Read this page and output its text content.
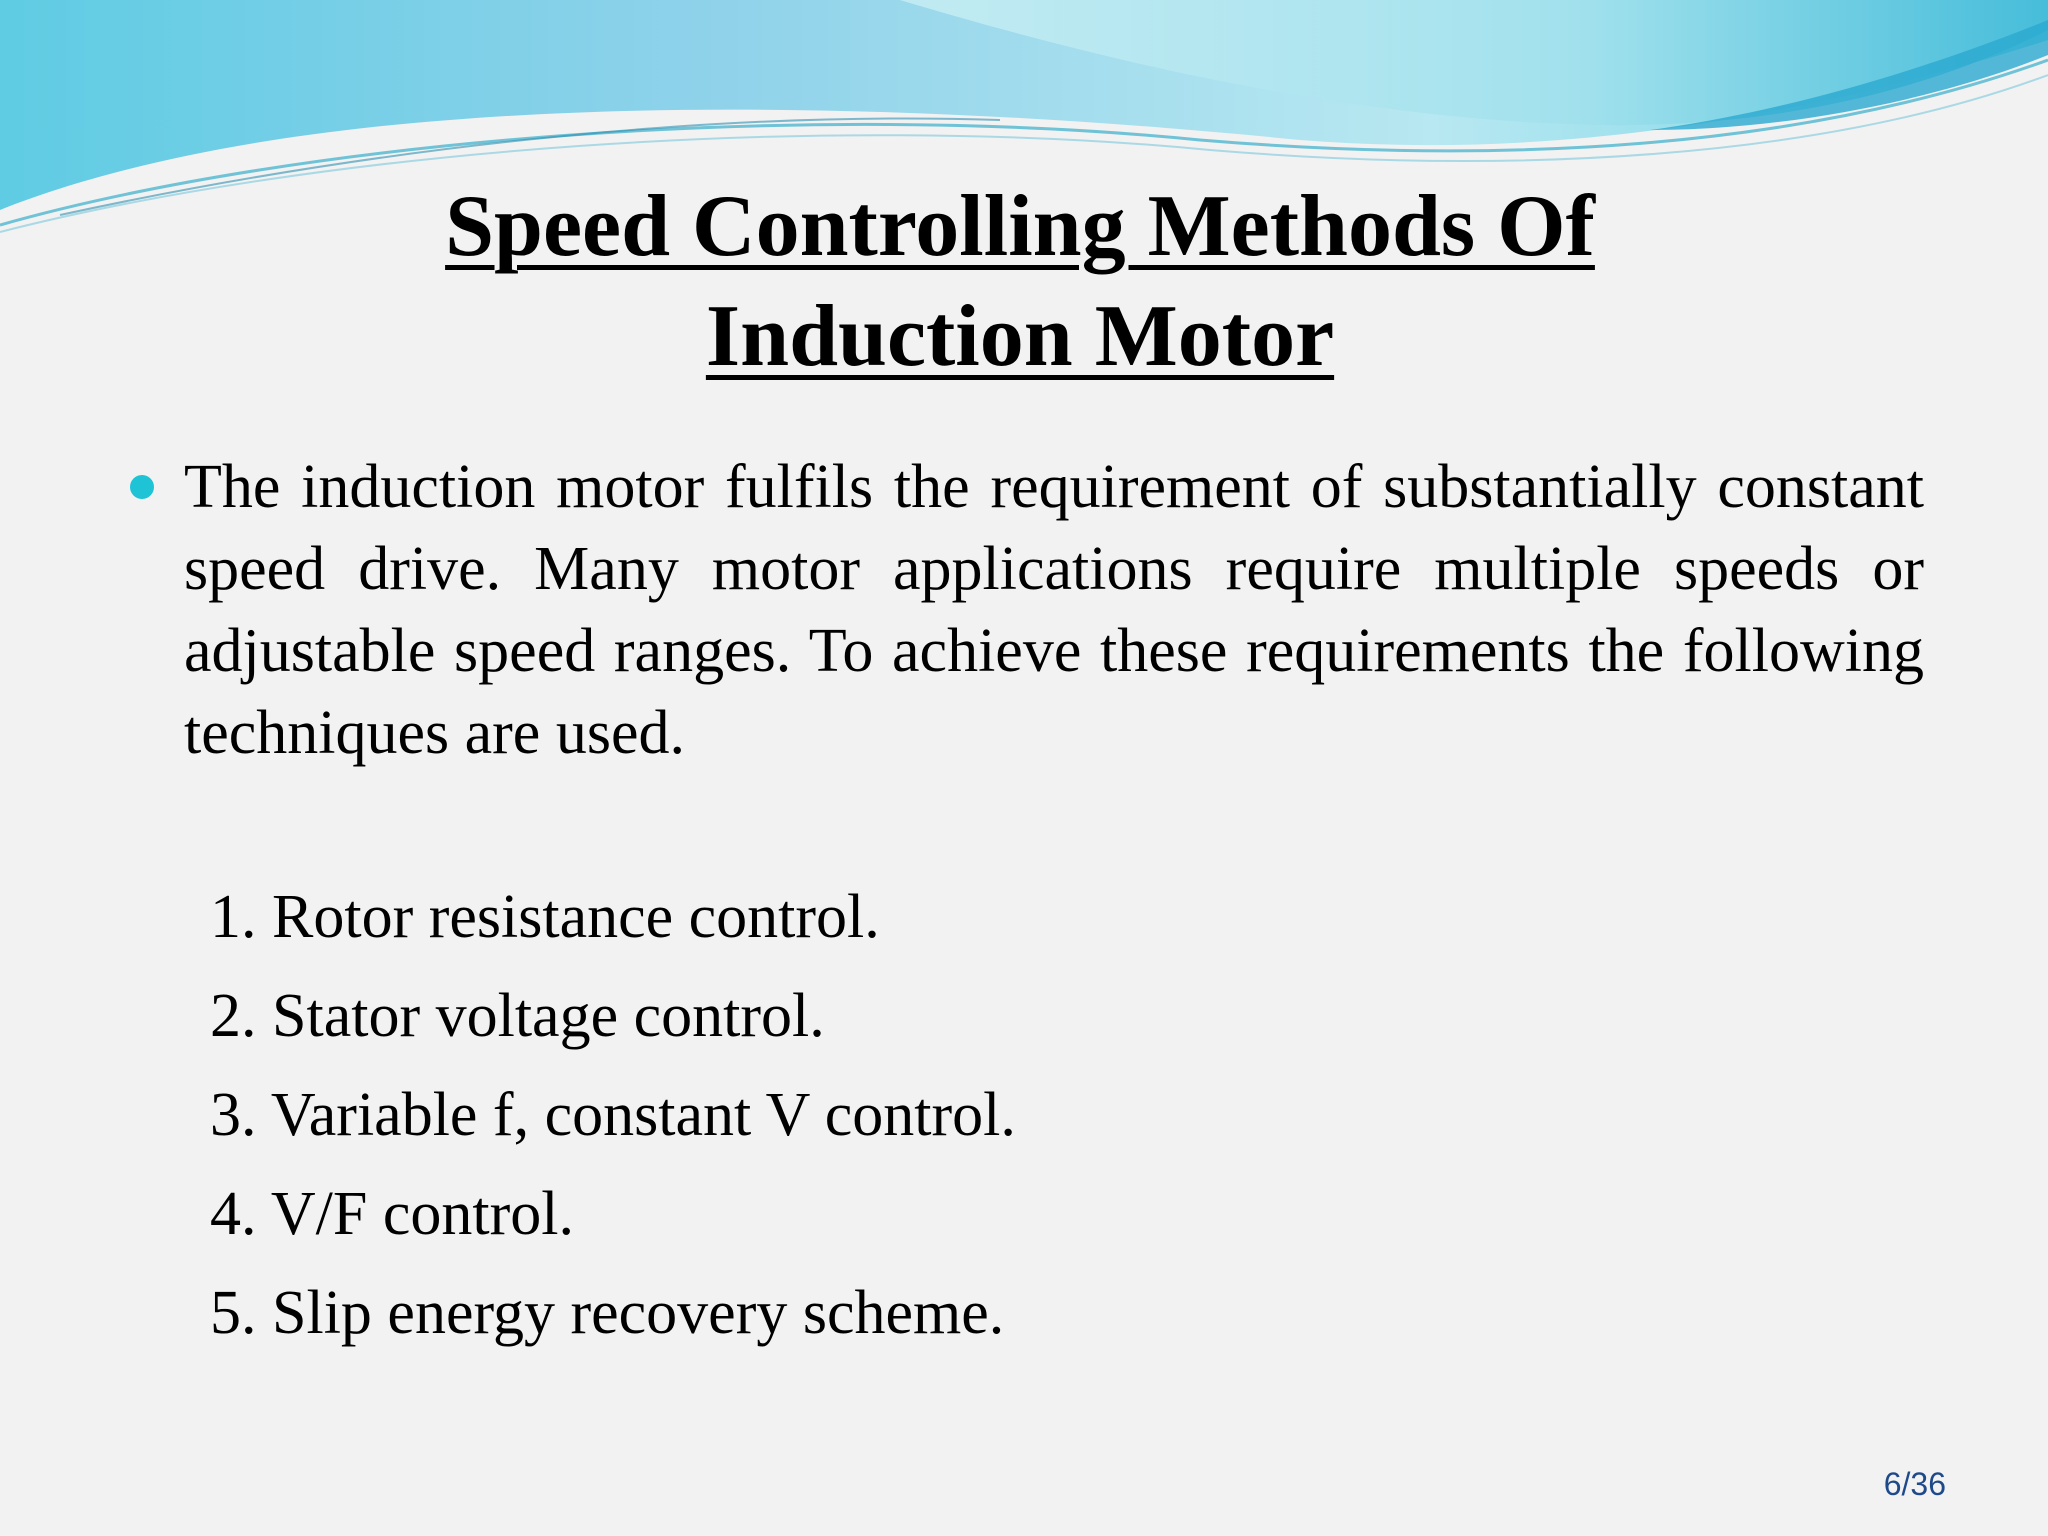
Speed Controlling Methods Of
Induction Motor
The induction motor fulfils the requirement of substantially constant speed drive. Many motor applications require multiple speeds or adjustable speed ranges. To achieve these requirements the following techniques are used.
1. Rotor resistance control.
2. Stator voltage control.
3. Variable f, constant V control.
4. V/F control.
5. Slip energy recovery scheme.
6/36
